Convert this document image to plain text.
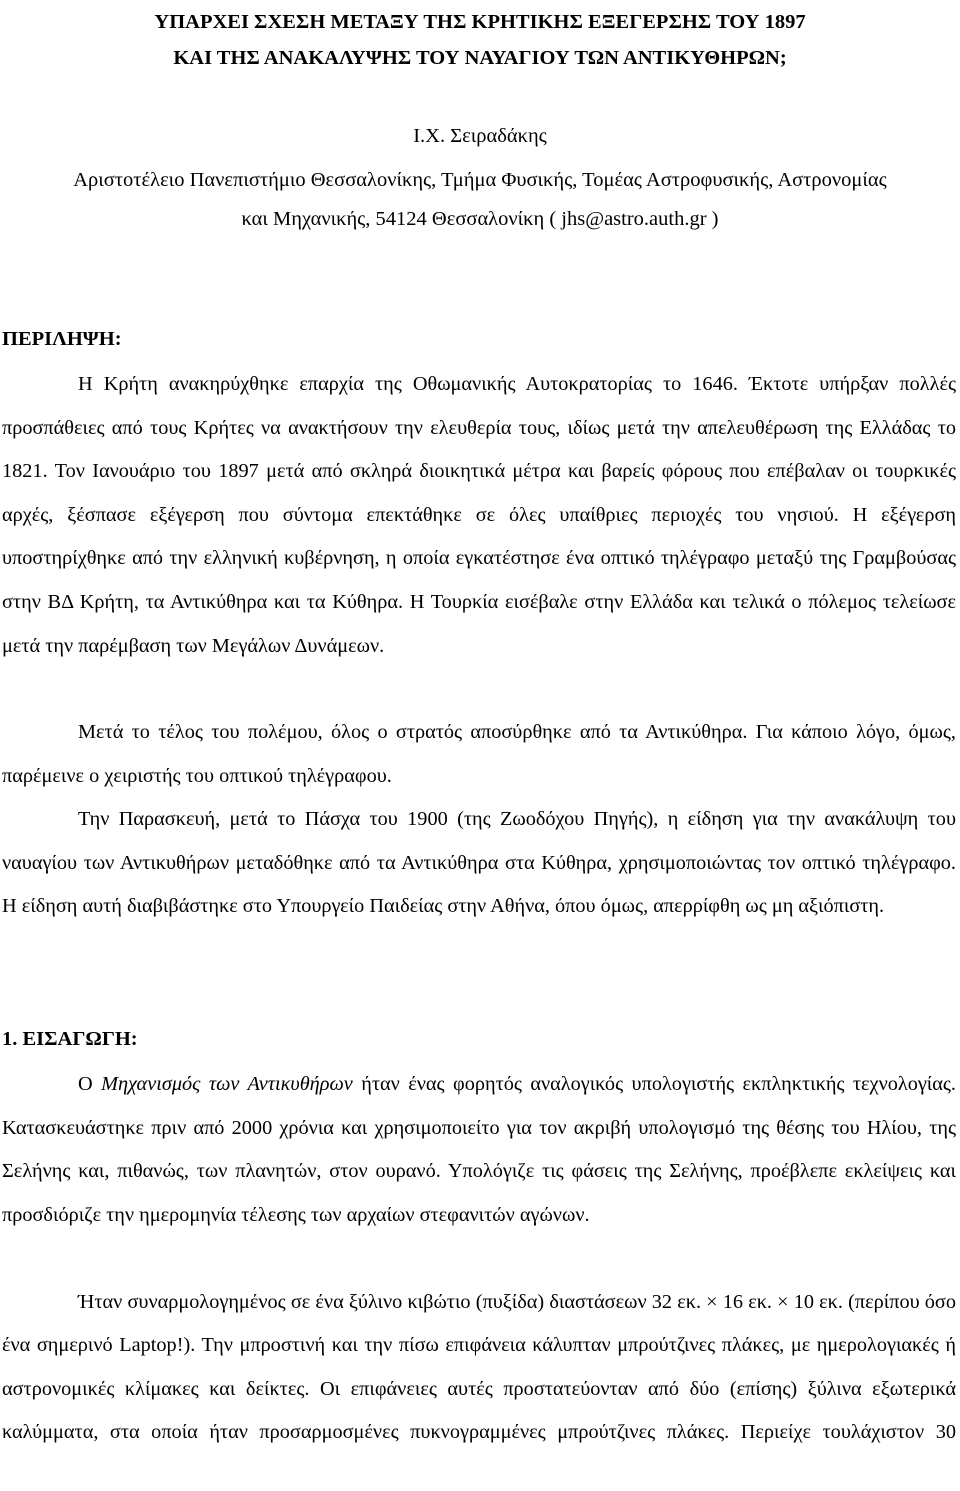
ΥΠΑΡΧΕΙ ΣΧΕΣΗ ΜΕΤΑΞΥ ΤΗΣ ΚΡΗΤΙΚΗΣ ΕΞΕΓΕΡΣΗΣ ΤΟΥ 1897
ΚΑΙ ΤΗΣ ΑΝΑΚΑΛΥΨΗΣ ΤΟΥ ΝΑΥΑΓΙΟΥ ΤΩΝ ΑΝΤΙΚΥΘΗΡΩΝ;
Ι.Χ. Σειραδάκης
Αριστοτέλειο Πανεπιστήμιο Θεσσαλονίκης, Τμήμα Φυσικής, Τομέας Αστροφυσικής, Αστρονομίας
και Μηχανικής, 54124 Θεσσαλονίκη ( jhs@astro.auth.gr )
ΠΕΡΙΛΗΨΗ:

Η Κρήτη ανακηρύχθηκε επαρχία της Οθωμανικής Αυτοκρατορίας το 1646. Έκτοτε υπήρξαν πολλές προσπάθειες από τους Κρήτες να ανακτήσουν την ελευθερία τους, ιδίως μετά την απελευθέρωση της Ελλάδας το 1821. Τον Ιανουάριο του 1897 μετά από σκληρά διοικητικά μέτρα και βαρείς φόρους που επέβαλαν οι τουρκικές αρχές, ξέσπασε εξέγερση που σύντομα επεκτάθηκε σε όλες υπαίθριες περιοχές του νησιού. Η εξέγερση υποστηρίχθηκε από την ελληνική κυβέρνηση, η οποία εγκατέστησε ένα οπτικό τηλέγραφο μεταξύ της Γραμβούσας στην ΒΔ Κρήτη, τα Αντικύθηρα και τα Κύθηρα. Η Τουρκία εισέβαλε στην Ελλάδα και τελικά ο πόλεμος τελείωσε μετά την παρέμβαση των Μεγάλων Δυνάμεων.

Μετά το τέλος του πολέμου, όλος ο στρατός αποσύρθηκε από τα Αντικύθηρα. Για κάποιο λόγο, όμως, παρέμεινε ο χειριστής του οπτικού τηλέγραφου.

Την Παρασκευή, μετά το Πάσχα του 1900 (της Ζωοδόχου Πηγής), η είδηση για την ανακάλυψη του ναυαγίου των Αντικυθήρων μεταδόθηκε από τα Αντικύθηρα στα Κύθηρα, χρησιμοποιώντας τον οπτικό τηλέγραφο. Η είδηση αυτή διαβιβάστηκε στο Υπουργείο Παιδείας στην Αθήνα, όπου όμως, απερρίφθη ως μη αξιόπιστη.

1. ΕΙΣΑΓΩΓΗ:

Ο Μηχανισμός των Αντικυθήρων ήταν ένας φορητός αναλογικός υπολογιστής εκπληκτικής τεχνολογίας. Κατασκευάστηκε πριν από 2000 χρόνια και χρησιμοποιείτο για τον ακριβή υπολογισμό της θέσης του Ηλίου, της Σελήνης και, πιθανώς, των πλανητών, στον ουρανό. Υπολόγιζε τις φάσεις της Σελήνης, προέβλεπε εκλείψεις και προσδιόριζε την ημερομηνία τέλεσης των αρχαίων στεφανιτών αγώνων.

Ήταν συναρμολογημένος σε ένα ξύλινο κιβώτιο (πυξίδα) διαστάσεων 32 εκ. × 16 εκ. × 10 εκ. (περίπου όσο ένα σημερινό Laptop!). Την μπροστινή και την πίσω επιφάνεια κάλυπταν μπρούτζινες πλάκες, με ημερολογιακές ή αστρονομικές κλίμακες και δείκτες. Οι επιφάνειες αυτές προστατεύονταν από δύο (επίσης) ξύλινα εξωτερικά καλύμματα, στα οποία ήταν προσαρμοσμένες πυκνογραμμένες μπρούτζινες πλάκες. Περιείχε τουλάχιστον 30
